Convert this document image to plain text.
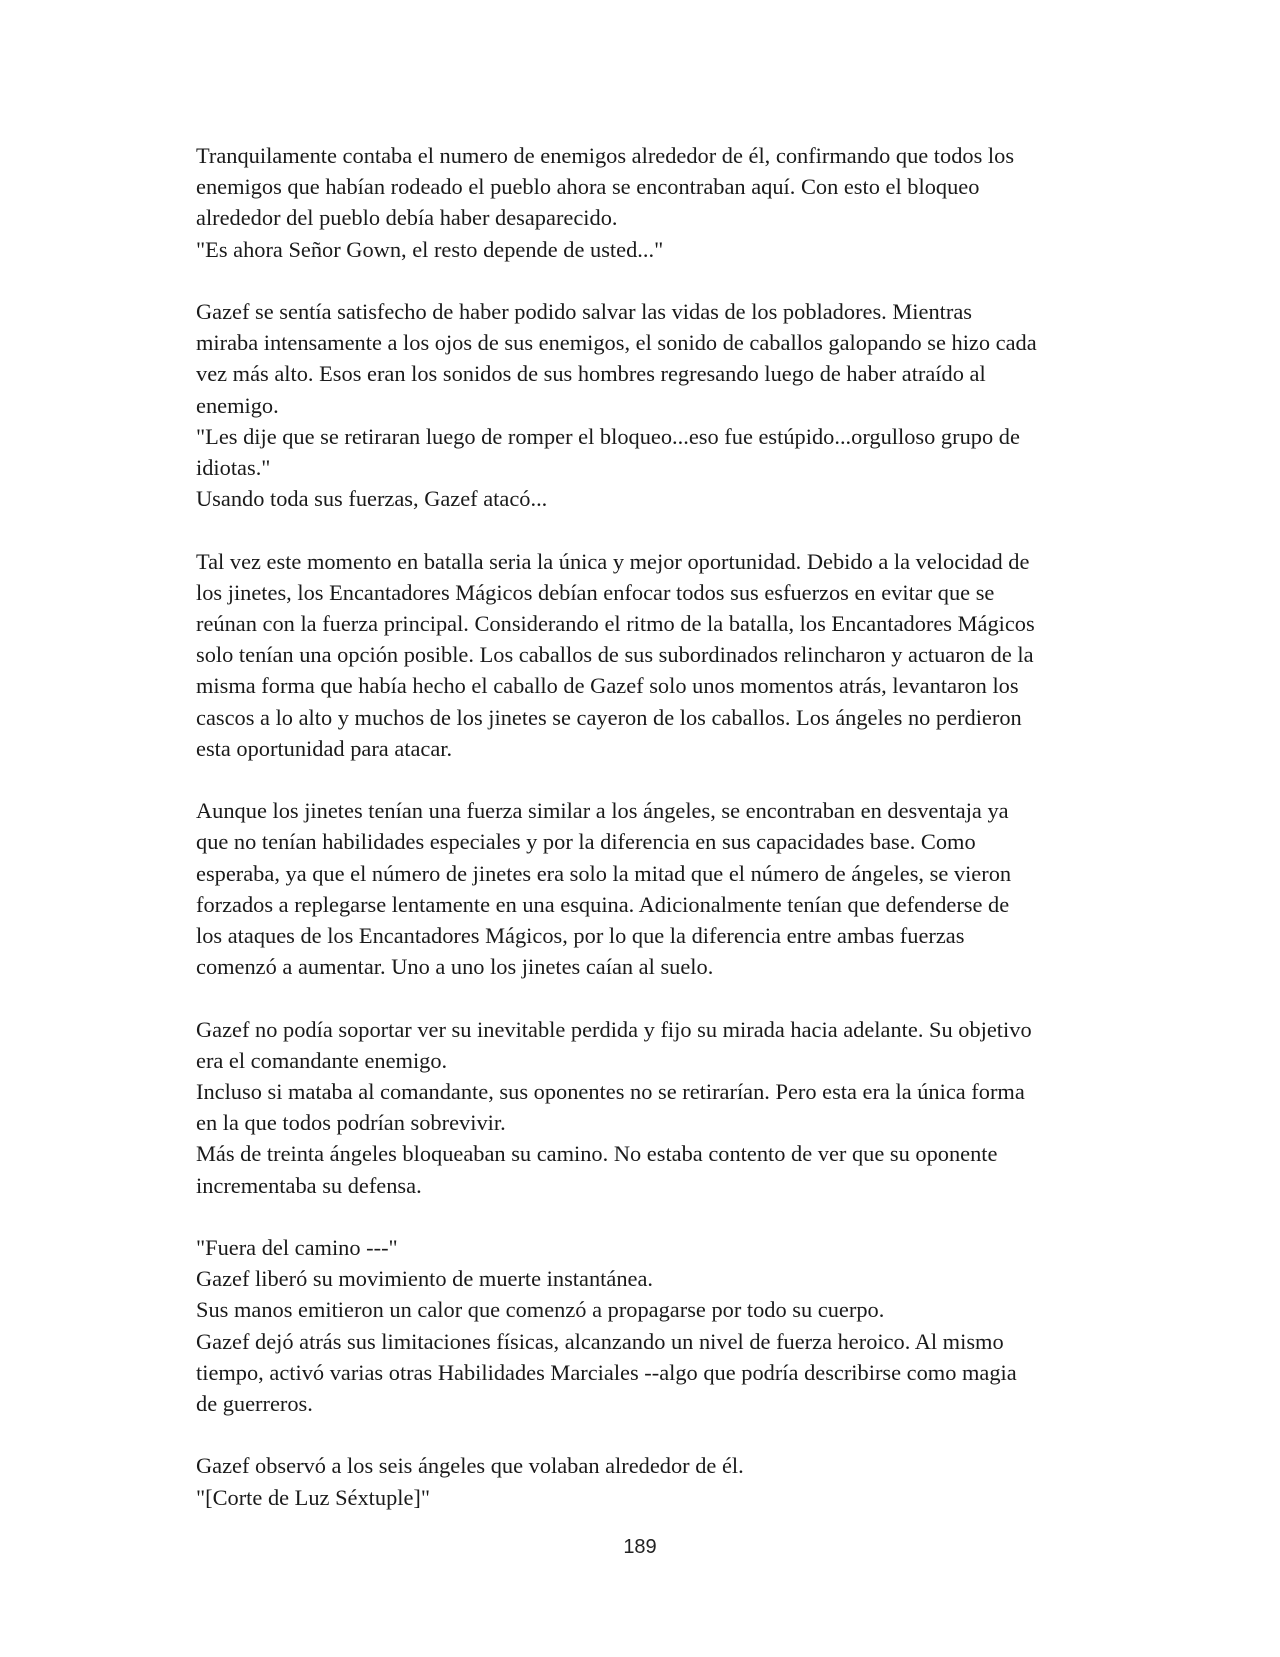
Tranquilamente contaba el numero de enemigos alrededor de él, confirmando que todos los
enemigos que habían rodeado el pueblo ahora se encontraban aquí. Con esto el bloqueo
alrededor del pueblo debía haber desaparecido.
"Es ahora Señor Gown, el resto depende de usted..."
Gazef se sentía satisfecho de haber podido salvar las vidas de los pobladores. Mientras
miraba intensamente a los ojos de sus enemigos, el sonido de caballos galopando se hizo cada
vez más alto. Esos eran los sonidos de sus hombres regresando luego de haber atraído al
enemigo.
"Les dije que se retiraran luego de romper el bloqueo...eso fue estúpido...orgulloso grupo de
idiotas."
Usando toda sus fuerzas, Gazef atacó...
Tal vez este momento en batalla seria la única y mejor oportunidad. Debido a la velocidad de
los jinetes, los Encantadores Mágicos debían enfocar todos sus esfuerzos en evitar que se
reúnan con la fuerza principal. Considerando el ritmo de la batalla, los Encantadores Mágicos
solo tenían una opción posible. Los caballos de sus subordinados relincharon y actuaron de la
misma forma que había hecho el caballo de Gazef solo unos momentos atrás, levantaron los
cascos a lo alto y muchos de los jinetes se cayeron de los caballos. Los ángeles no perdieron
esta oportunidad para atacar.
Aunque los jinetes tenían una fuerza similar a los ángeles, se encontraban en desventaja ya
que no tenían habilidades especiales y por la diferencia en sus capacidades base. Como
esperaba, ya que el número de jinetes era solo la mitad que el número de ángeles, se vieron
forzados a replegarse lentamente en una esquina. Adicionalmente tenían que defenderse de
los ataques de los Encantadores Mágicos, por lo que la diferencia entre ambas fuerzas
comenzó a aumentar. Uno a uno los jinetes caían al suelo.
Gazef no podía soportar ver su inevitable perdida y fijo su mirada hacia adelante. Su objetivo
era el comandante enemigo.
Incluso si mataba al comandante, sus oponentes no se retirarían. Pero esta era la única forma
en la que todos podrían sobrevivir.
Más de treinta ángeles bloqueaban su camino. No estaba contento de ver que su oponente
incrementaba su defensa.
"Fuera del camino ---"
Gazef liberó su movimiento de muerte instantánea.
Sus manos emitieron un calor que comenzó a propagarse por todo su cuerpo.
Gazef dejó atrás sus limitaciones físicas, alcanzando un nivel de fuerza heroico. Al mismo
tiempo, activó varias otras Habilidades Marciales --algo que podría describirse como magia
de guerreros.
Gazef observó a los seis ángeles que volaban alrededor de él.
"[Corte de Luz Séxtuple]"
189
